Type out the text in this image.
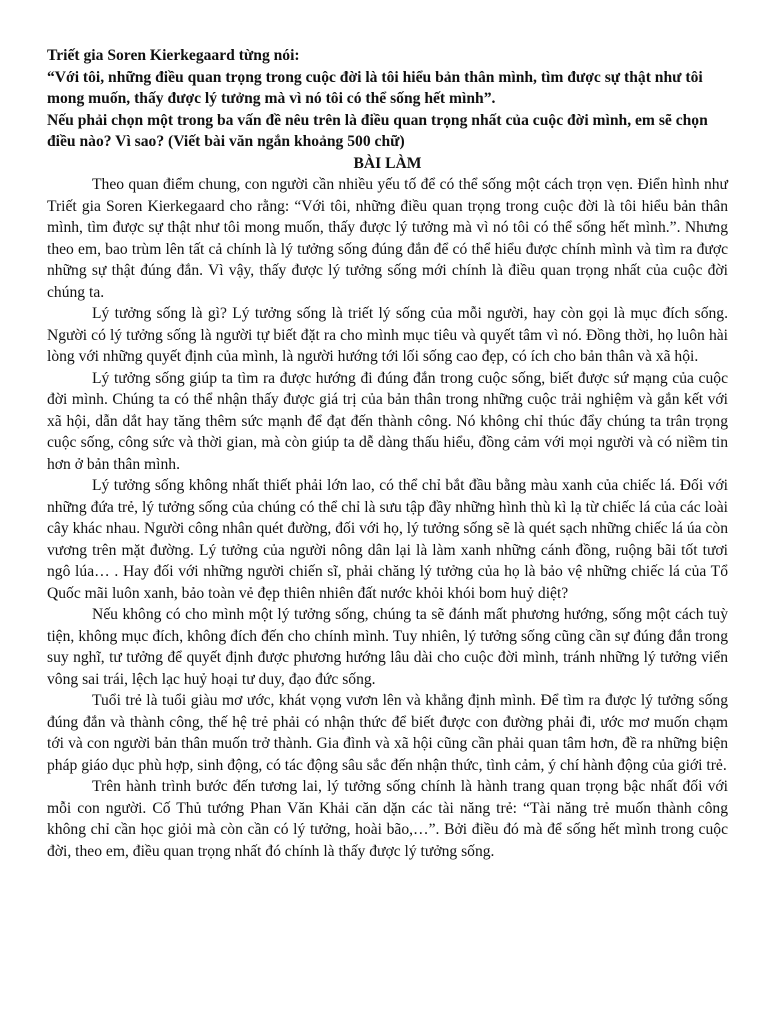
Triết gia Soren Kierkegaard từng nói:

“Với tôi, những điều quan trọng trong cuộc đời là tôi hiểu bản thân mình, tìm được sự thật như tôi mong muốn, thấy được lý tưởng mà vì nó tôi có thể sống hết mình”.

Nếu phải chọn một trong ba vấn đề nêu trên là điều quan trọng nhất của cuộc đời mình, em sẽ chọn điều nào? Vì sao? (Viết bài văn ngắn khoảng 500 chữ)

BÀI LÀM

Theo quan điểm chung, con người cần nhiều yếu tố để có thể sống một cách trọn vẹn. Điển hình như Triết gia Soren Kierkegaard cho rằng: “Với tôi, những điều quan trọng trong cuộc đời là tôi hiểu bản thân mình, tìm được sự thật như tôi mong muốn, thấy được lý tưởng mà vì nó tôi có thể sống hết mình.”. Nhưng theo em, bao trùm lên tất cả chính là lý tưởng sống đúng đắn để có thể hiểu được chính mình và tìm ra được những sự thật đúng đắn. Vì vậy, thấy được lý tưởng sống mới chính là điều quan trọng nhất của cuộc đời chúng ta.

Lý tưởng sống là gì? Lý tưởng sống là triết lý sống của mỗi người, hay còn gọi là mục đích sống. Người có lý tưởng sống là người tự biết đặt ra cho mình mục tiêu và quyết tâm vì nó. Đồng thời, họ luôn hài lòng với những quyết định của mình, là người hướng tới lối sống cao đẹp, có ích cho bản thân và xã hội.

Lý tưởng sống giúp ta tìm ra được hướng đi đúng đắn trong cuộc sống, biết được sứ mạng của cuộc đời mình. Chúng ta có thể nhận thấy được giá trị của bản thân trong những cuộc trải nghiệm và gắn kết với xã hội, dẫn dắt hay tăng thêm sức mạnh để đạt đến thành công. Nó không chỉ thúc đẩy chúng ta trân trọng cuộc sống, công sức và thời gian, mà còn giúp ta dễ dàng thấu hiểu, đồng cảm với mọi người và có niềm tin hơn ở bản thân mình.

Lý tưởng sống không nhất thiết phải lớn lao, có thể chỉ bắt đầu bằng màu xanh của chiếc lá. Đối với những đứa trẻ, lý tưởng sống của chúng có thể chỉ là sưu tập đầy những hình thù kì lạ từ chiếc lá của các loài cây khác nhau. Người công nhân quét đường, đối với họ, lý tưởng sống sẽ là quét sạch những chiếc lá úa còn vương trên mặt đường. Lý tưởng của người nông dân lại là làm xanh những cánh đồng, ruộng bãi tốt tươi ngô lúa… . Hay đối với những người chiến sĩ, phải chăng lý tưởng của họ là bảo vệ những chiếc lá của Tổ Quốc mãi luôn xanh, bảo toàn vẻ đẹp thiên nhiên đất nước khỏi khói bom huỷ diệt?

Nếu không có cho mình một lý tưởng sống, chúng ta sẽ đánh mất phương hướng, sống một cách tuỳ tiện, không mục đích, không đích đến cho chính mình. Tuy nhiên, lý tưởng sống cũng cần sự đúng đắn trong suy nghĩ, tư tưởng để quyết định được phương hướng lâu dài cho cuộc đời mình, tránh những lý tưởng viển vông sai trái, lệch lạc huỷ hoại tư duy, đạo đức sống.

Tuổi trẻ là tuổi giàu mơ ước, khát vọng vươn lên và khẳng định mình. Để tìm ra được lý tưởng sống đúng đắn và thành công, thế hệ trẻ phải có nhận thức để biết được con đường phải đi, ước mơ muốn chạm tới và con người bản thân muốn trở thành. Gia đình và xã hội cũng cần phải quan tâm hơn, đề ra những biện pháp giáo dục phù hợp, sinh động, có tác động sâu sắc đến nhận thức, tình cảm, ý chí hành động của giới trẻ.

Trên hành trình bước đến tương lai, lý tưởng sống chính là hành trang quan trọng bậc nhất đối với mỗi con người. Cố Thủ tướng Phan Văn Khải căn dặn các tài năng trẻ: “Tài năng trẻ muốn thành công không chỉ cần học giỏi mà còn cần có lý tưởng, hoài bão,…”. Bởi điều đó mà để sống hết mình trong cuộc đời, theo em, điều quan trọng nhất đó chính là thấy được lý tưởng sống.
